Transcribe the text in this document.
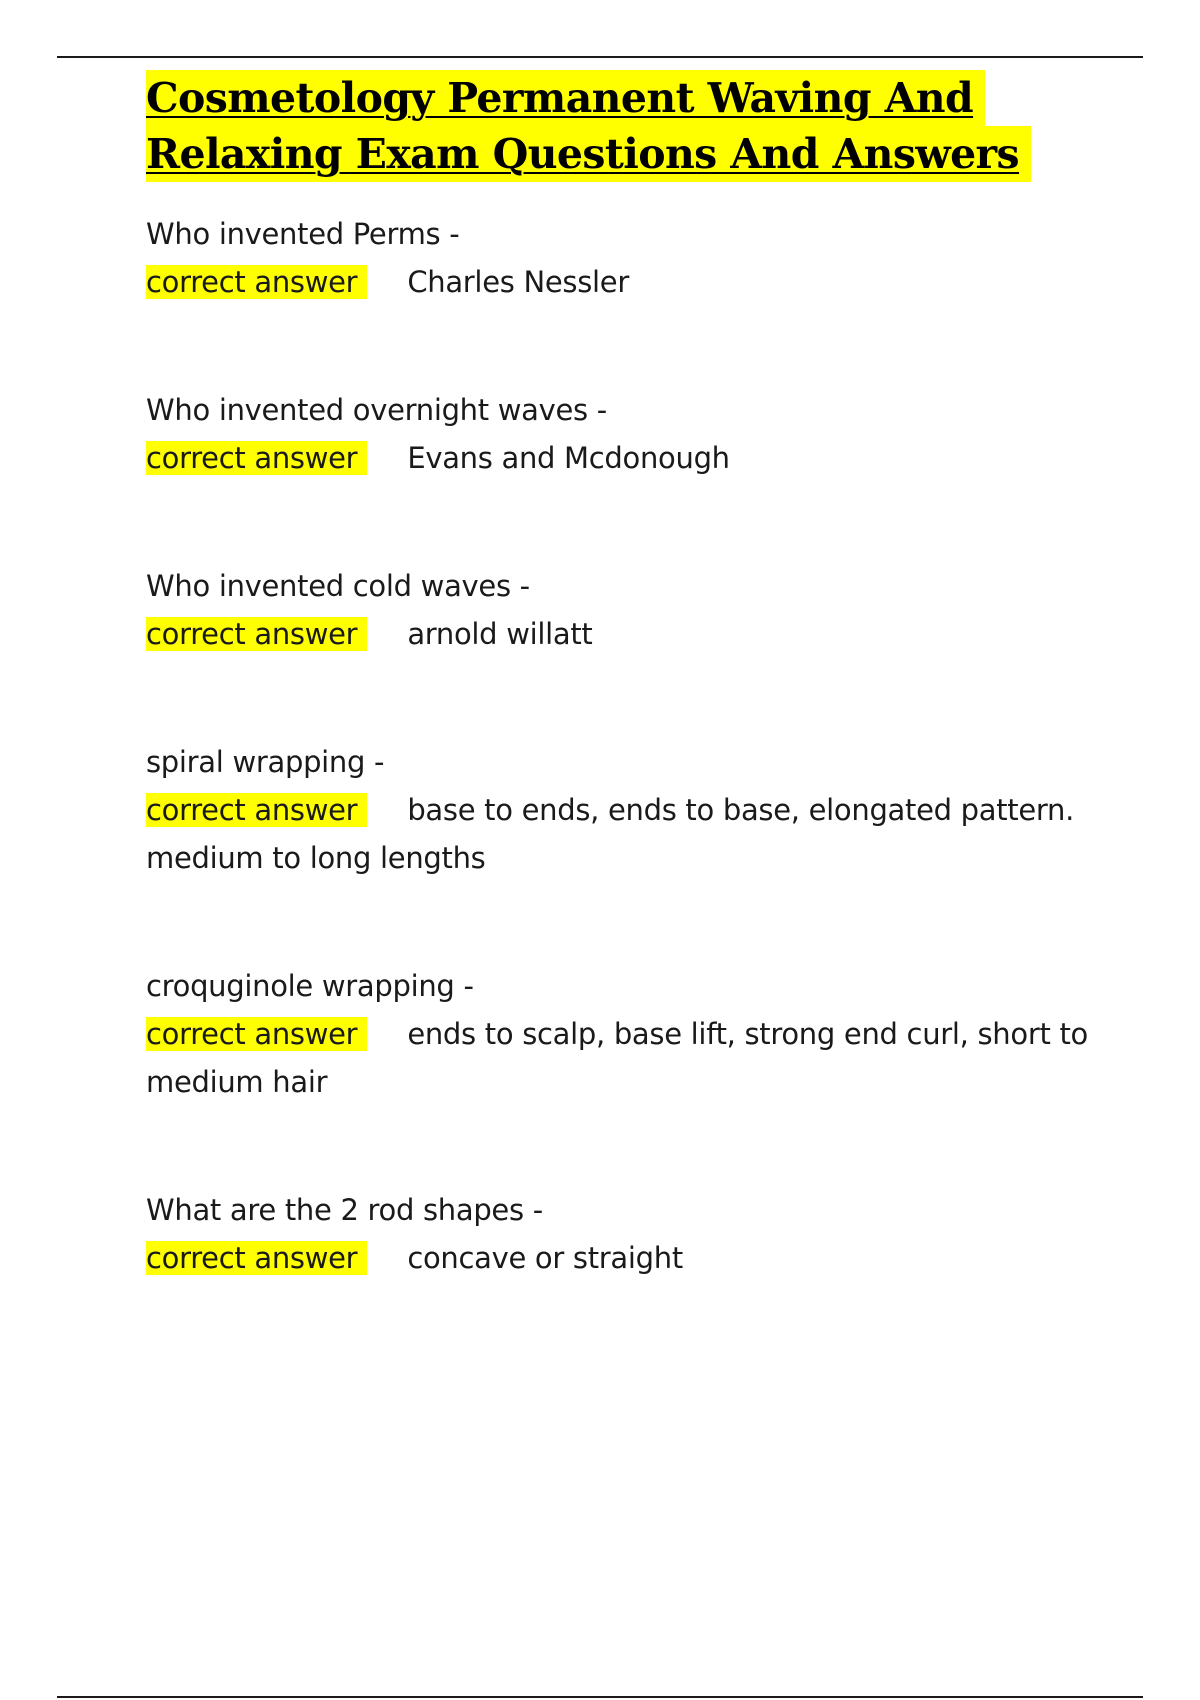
Cosmetology Permanent Waving And
Relaxing Exam Questions And Answers
Who invented Perms -
correct answer Charles Nessler
Who invented overnight waves -
correct answer Evans and Mcdonough
Who invented cold waves -
correct answer arnold willatt
spiral wrapping -
correct answer base to ends, ends to base, elongated pattern. medium to long lengths
croquginole wrapping -
correct answer ends to scalp, base lift, strong end curl, short to medium hair
What are the 2 rod shapes -
correct answer concave or straight
